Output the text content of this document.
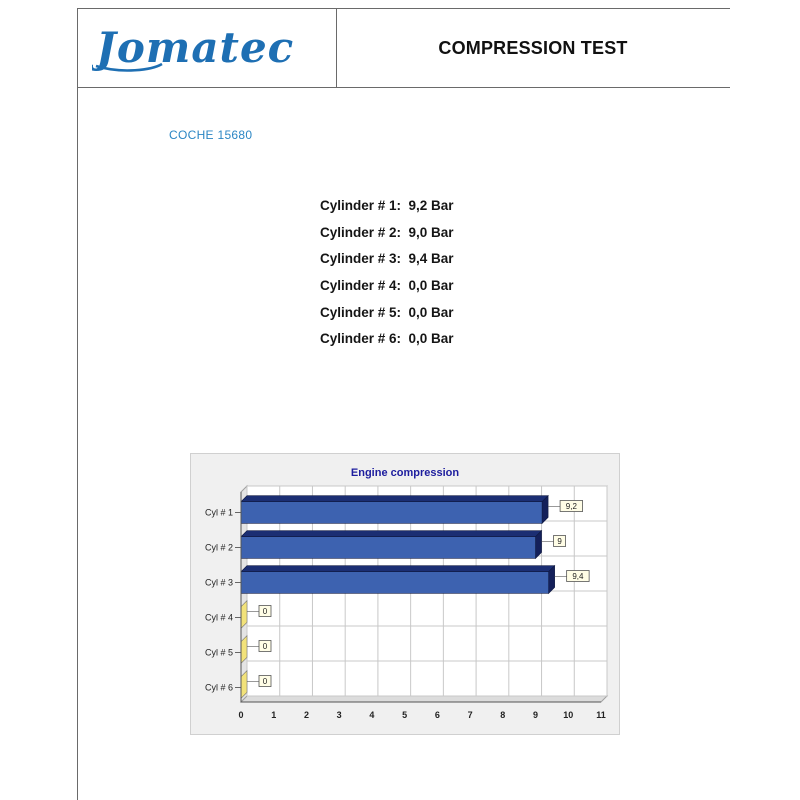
Jomatec	COMPRESSION TEST
COCHE 15680
Cylinder # 1:  9,2 Bar
Cylinder # 2:  9,0 Bar
Cylinder # 3:  9,4 Bar
Cylinder # 4:  0,0 Bar
Cylinder # 5:  0,0 Bar
Cylinder # 6:  0,0 Bar
Engine compression
0	1	2	3	4	5	6	7	8	9	10	11
Cyl # 1
9,2
Cyl # 2
9
Cyl # 3
9,4
Cyl # 4
0
Cyl # 5
0
Cyl # 6
0
